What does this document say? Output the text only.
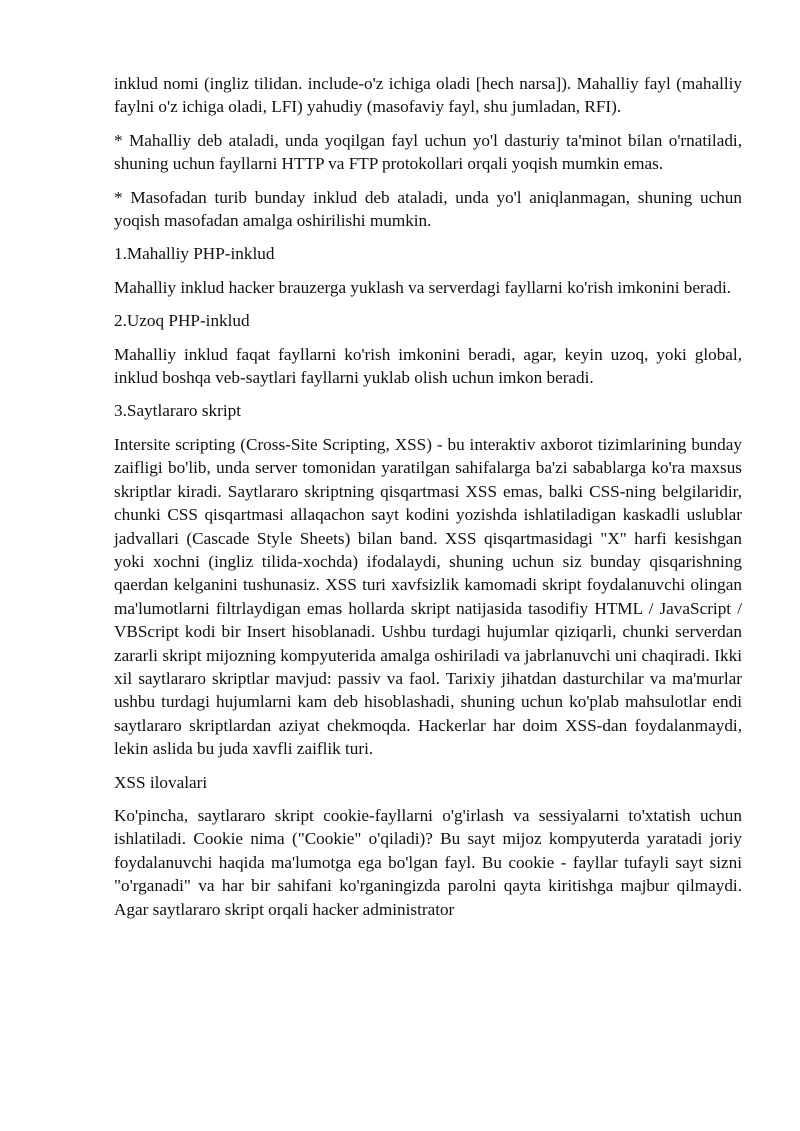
inklud nomi (ingliz tilidan. include-o'z ichiga oladi [hech narsa]). Mahalliy fayl (mahalliy faylni o'z ichiga oladi, LFI) yahudiy (masofaviy fayl, shu jumladan, RFI).

* Mahalliy deb ataladi, unda yoqilgan fayl uchun yo'l dasturiy ta'minot bilan o'rnatiladi, shuning uchun fayllarni HTTP va FTP protokollari orqali yoqish mumkin emas.

* Masofadan turib bunday inklud deb ataladi, unda yo'l aniqlanmagan, shuning uchun yoqish masofadan amalga oshirilishi mumkin.

1.Mahalliy PHP-inklud

Mahalliy inklud hacker brauzerga yuklash va serverdagi fayllarni ko'rish imkonini beradi.

2.Uzoq PHP-inklud

Mahalliy inklud faqat fayllarni ko'rish imkonini beradi, agar, keyin uzoq, yoki global, inklud boshqa veb-saytlari fayllarni yuklab olish uchun imkon beradi.

3.Saytlararo skript

Intersite scripting (Cross-Site Scripting, XSS) - bu interaktiv axborot tizimlarining bunday zaifligi bo'lib, unda server tomonidan yaratilgan sahifalarga ba'zi sabablarga ko'ra maxsus skriptlar kiradi. Saytlararo skriptning qisqartmasi XSS emas, balki CSS-ning belgilaridir, chunki CSS qisqartmasi allaqachon sayt kodini yozishda ishlatiladigan kaskadli uslublar jadvallari (Cascade Style Sheets) bilan band. XSS qisqartmasidagi "X" harfi kesishgan yoki xochni (ingliz tilida-xochda) ifodalaydi, shuning uchun siz bunday qisqarishning qaerdan kelganini tushunasiz. XSS turi xavfsizlik kamomadi skript foydalanuvchi olingan ma'lumotlarni filtrlaydigan emas hollarda skript natijasida tasodifiy HTML / JavaScript / VBScript kodi bir Insert hisoblanadi. Ushbu turdagi hujumlar qiziqarli, chunki serverdan zararli skript mijozning kompyuterida amalga oshiriladi va jabrlanuvchi uni chaqiradi. Ikki xil saytlararo skriptlar mavjud: passiv va faol. Tarixiy jihatdan dasturchilar va ma'murlar ushbu turdagi hujumlarni kam deb hisoblashadi, shuning uchun ko'plab mahsulotlar endi saytlararo skriptlardan aziyat chekmoqda. Hackerlar har doim XSS-dan foydalanmaydi, lekin aslida bu juda xavfli zaiflik turi.

XSS ilovalari

Ko'pincha, saytlararo skript cookie-fayllarni o'g'irlash va sessiyalarni to'xtatish uchun ishlatiladi. Cookie nima ("Cookie" o'qiladi)? Bu sayt mijoz kompyuterda yaratadi joriy foydalanuvchi haqida ma'lumotga ega bo'lgan fayl. Bu cookie - fayllar tufayli sayt sizni "o'rganadi" va har bir sahifani ko'rganingizda parolni qayta kiritishga majbur qilmaydi. Agar saytlararo skript orqali hacker administrator
